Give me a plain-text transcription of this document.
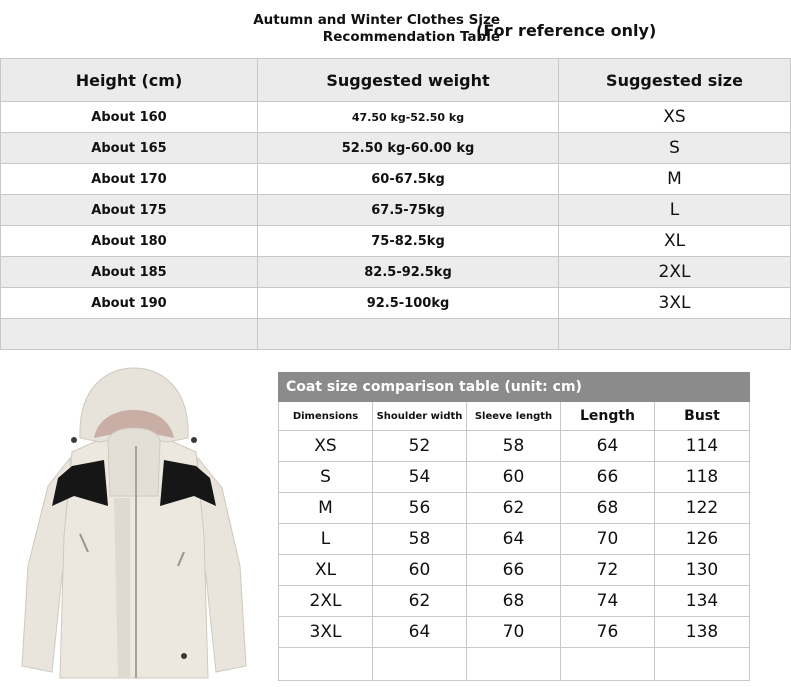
Autumn and Winter Clothes Size
Recommendation Table
(For reference only)
Height (cm)	Suggested weight	Suggested size
About 160	47.50 kg-52.50 kg	XS
About 165	52.50 kg-60.00 kg	S
About 170	60-67.5kg	M
About 175	67.5-75kg	L
About 180	75-82.5kg	XL
About 185	82.5-92.5kg	2XL
About 190	92.5-100kg	3XL

Coat size comparison table (unit: cm)				
Dimensions	Shoulder width	Sleeve length	Length	Bust
XS	52	58	64	114
S	54	60	66	118
M	56	62	68	122
L	58	64	70	126
XL	60	66	72	130
2XL	62	68	74	134
3XL	64	70	76	138
